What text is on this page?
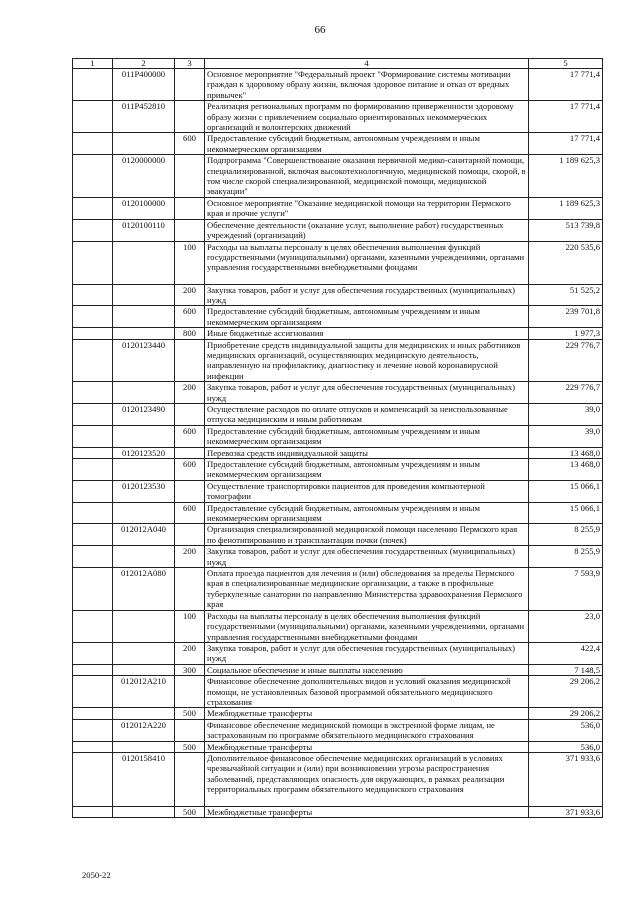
66
1	2	3	4	5
	011P400000		Основное мероприятие "Федеральный проект "Формирование системы мотивации граждан к здоровому образу жизни, включая здоровое питание и отказ от вредных привычек"	17 771,4
	011P452810		Реализация региональных программ по формированию приверженности здоровому образу жизни с привлечением социально ориентированных некоммерческих организаций и волонтерских движений	17 771,4
		600	Предоставление субсидий бюджетным, автономным учреждениям и иным некоммерческим организациям	17 771,4
	0120000000		Подпрограмма "Совершенствование оказания первичной медико-санитарной помощи, специализированной, включая высокотехнологичную, медицинской помощи, скорой, в том числе скорой специализированной, медицинской помощи, медицинской эвакуации"	1 189 625,3
	0120100000		Основное мероприятие "Оказание медицинской помощи на территории Пермского края и прочие услуги"	1 189 625,3
	0120100110		Обеспечение деятельности (оказание услуг, выполнение работ) государственных учреждений (организаций)	513 739,8
		100	Расходы на выплаты персоналу в целях обеспечения выполнения функций государственными (муниципальными) органами, казенными учреждениями, органами управления государственными внебюджетными фондами	220 535,6
		200	Закупка товаров, работ и услуг для обеспечения государственных (муниципальных) нужд	51 525,2
		600	Предоставление субсидий бюджетным, автономным учреждениям и иным некоммерческим организациям	239 701,8
		800	Иные бюджетные ассигнования	1 977,3
	0120123440		Приобретение средств индивидуальной защиты для медицинских и иных работников медицинских организаций, осуществляющих медицинскую деятельность, направленную на профилактику, диагностику и лечение новой коронавирусной инфекции	229 776,7
		200	Закупка товаров, работ и услуг для обеспечения государственных (муниципальных) нужд	229 776,7
	0120123490		Осуществление расходов по оплате отпусков и компенсаций за неиспользованные отпуска медицинским и иным работникам	39,0
		600	Предоставление субсидий бюджетным, автономным учреждениям и иным некоммерческим организациям	39,0
	0120123520		Перевозка средств индивидуальной защиты	13 468,0
		600	Предоставление субсидий бюджетным, автономным учреждениям и иным некоммерческим организациям	13 468,0
	0120123530		Осуществление транспортировки пациентов для проведения компьютерной томографии	15 066,1
		600	Предоставление субсидий бюджетным, автономным учреждениям и иным некоммерческим организациям	15 066,1
	012012А040		Организация специализированной медицинской помощи населению Пермского края по фенотипированию и трансплантации почки (почек)	8 255,9
		200	Закупка товаров, работ и услуг для обеспечения государственных (муниципальных) нужд	8 255,9
	012012А080		Оплата проезда пациентов для лечения и (или) обследования за пределы Пермского края в специализированные медицинские организации, а также в профильные туберкулезные санатории по направлению Министерства здравоохранения Пермского края	7 593,9
		100	Расходы на выплаты персоналу в целях обеспечения выполнения функций государственными (муниципальными) органами, казенными учреждениями, органами управления государственными внебюджетными фондами	23,0
		200	Закупка товаров, работ и услуг для обеспечения государственных (муниципальных) нужд	422,4
		300	Социальное обеспечение и иные выплаты населению	7 148,5
	012012А210		Финансовое обеспечение дополнительных видов и условий оказания медицинской помощи, не установленных базовой программой обязательного медицинского страхования	29 206,2
		500	Межбюджетные трансферты	29 206,2
	012012А220		Финансовое обеспечение медицинской помощи в экстренной форме лицам, не застрахованным по программе обязательного медицинского страхования	536,0
		500	Межбюджетные трансферты	536,0
	0120158410		Дополнительное финансовое обеспечение медицинских организаций в условиях чрезвычайной ситуации и (или) при возникновении угрозы распространения заболеваний, представляющих опасность для окружающих, в рамках реализации территориальных программ обязательного медицинского страхования	371 933,6
		500	Межбюджетные трансферты	371 933,6
2050-22
